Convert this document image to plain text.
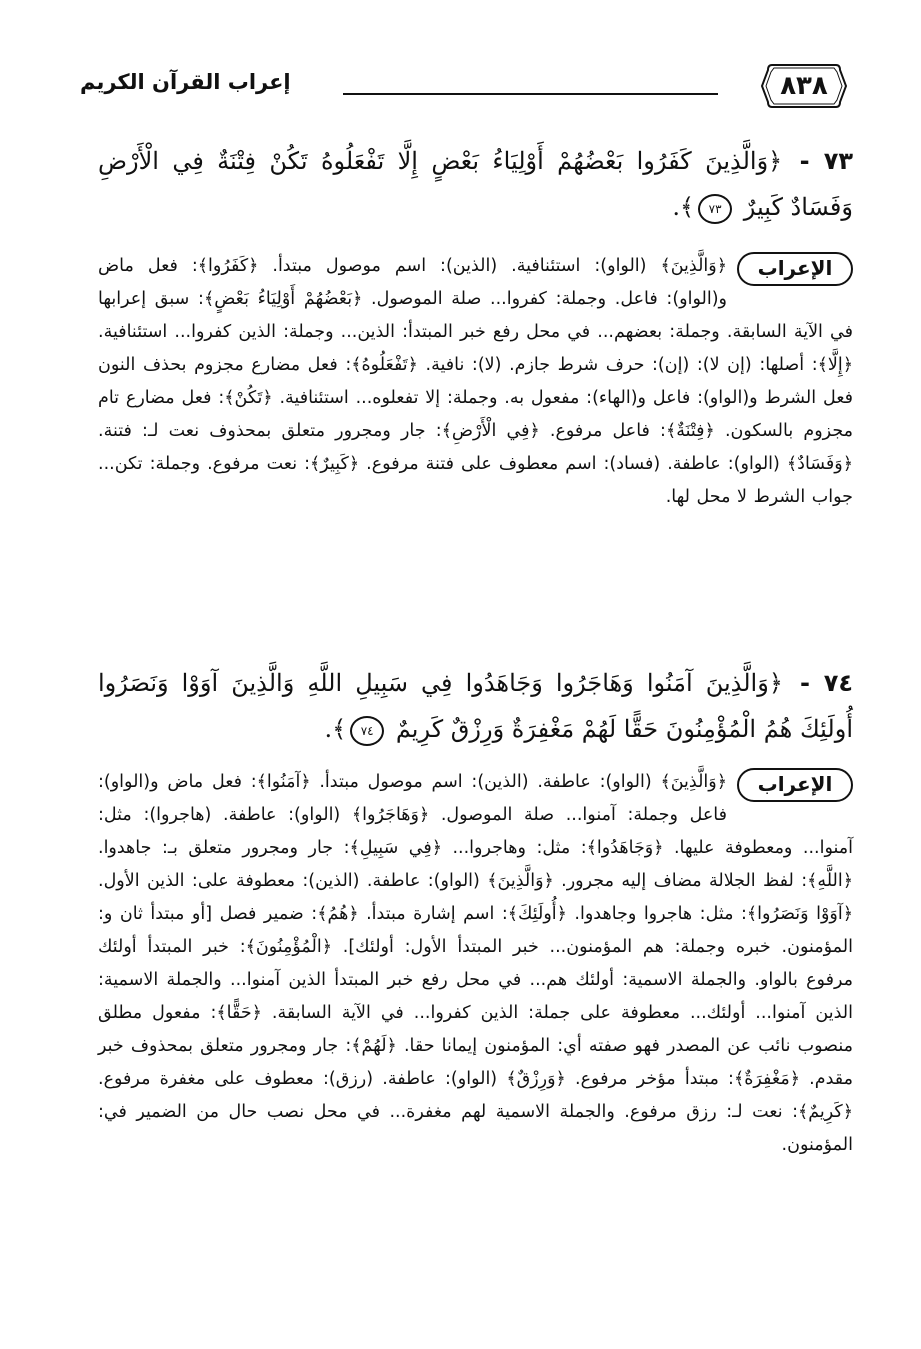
إعراب القرآن الكريم	٨٣٨
٧٣ - ﴿وَالَّذِينَ كَفَرُوا بَعْضُهُمْ أَوْلِيَاءُ بَعْضٍ إِلَّا تَفْعَلُوهُ تَكُنْ فِتْنَةٌ فِي الْأَرْضِ وَفَسَادٌ كَبِيرٌ ٧٣﴾.
الإعراب
﴿وَالَّذِينَ﴾ (الواو): استئنافية. (الذين): اسم موصول مبتدأ. ﴿كَفَرُوا﴾: فعل ماض و(الواو): فاعل. وجملة: كفروا... صلة الموصول. ﴿بَعْضُهُمْ أَوْلِيَاءُ بَعْضٍ﴾: سبق إعرابها في الآية السابقة. وجملة: بعضهم... في محل رفع خبر المبتدأ: الذين... وجملة: الذين كفروا... استئنافية. ﴿إِلَّا﴾: أصلها: (إن لا): (إن): حرف شرط جازم. (لا): نافية. ﴿تَفْعَلُوهُ﴾: فعل مضارع مجزوم بحذف النون فعل الشرط و(الواو): فاعل و(الهاء): مفعول به. وجملة: إلا تفعلوه... استئنافية. ﴿تَكُنْ﴾: فعل مضارع تام مجزوم بالسكون. ﴿فِتْنَةٌ﴾: فاعل مرفوع. ﴿فِي الْأَرْضِ﴾: جار ومجرور متعلق بمحذوف نعت لـ: فتنة. ﴿وَفَسَادٌ﴾ (الواو): عاطفة. (فساد): اسم معطوف على فتنة مرفوع. ﴿كَبِيرٌ﴾: نعت مرفوع. وجملة: تكن... جواب الشرط لا محل لها.
٧٤ - ﴿وَالَّذِينَ آمَنُوا وَهَاجَرُوا وَجَاهَدُوا فِي سَبِيلِ اللَّهِ وَالَّذِينَ آوَوْا وَنَصَرُوا أُولَئِكَ هُمُ الْمُؤْمِنُونَ حَقًّا لَهُمْ مَغْفِرَةٌ وَرِزْقٌ كَرِيمٌ ٧٤﴾.
الإعراب
﴿وَالَّذِينَ﴾ (الواو): عاطفة. (الذين): اسم موصول مبتدأ. ﴿آمَنُوا﴾: فعل ماض و(الواو): فاعل وجملة: آمنوا... صلة الموصول. ﴿وَهَاجَرُوا﴾ (الواو): عاطفة. (هاجروا): مثل: آمنوا... ومعطوفة عليها. ﴿وَجَاهَدُوا﴾: مثل: وهاجروا... ﴿فِي سَبِيلِ﴾: جار ومجرور متعلق بـ: جاهدوا. ﴿اللَّهِ﴾: لفظ الجلالة مضاف إليه مجرور. ﴿وَالَّذِينَ﴾ (الواو): عاطفة. (الذين): معطوفة على: الذين الأول. ﴿آوَوْا وَنَصَرُوا﴾: مثل: هاجروا وجاهدوا. ﴿أُولَئِكَ﴾: اسم إشارة مبتدأ. ﴿هُمُ﴾: ضمير فصل [أو مبتدأ ثان و: المؤمنون. خبره وجملة: هم المؤمنون... خبر المبتدأ الأول: أولئك]. ﴿الْمُؤْمِنُونَ﴾: خبر المبتدأ أولئك مرفوع بالواو. والجملة الاسمية: أولئك هم... في محل رفع خبر المبتدأ الذين آمنوا... والجملة الاسمية: الذين آمنوا... أولئك... معطوفة على جملة: الذين كفروا... في الآية السابقة. ﴿حَقًّا﴾: مفعول مطلق منصوب نائب عن المصدر فهو صفته أي: المؤمنون إيمانا حقا. ﴿لَهُمْ﴾: جار ومجرور متعلق بمحذوف خبر مقدم. ﴿مَغْفِرَةٌ﴾: مبتدأ مؤخر مرفوع. ﴿وَرِزْقٌ﴾ (الواو): عاطفة. (رزق): معطوف على مغفرة مرفوع. ﴿كَرِيمٌ﴾: نعت لـ: رزق مرفوع. والجملة الاسمية لهم مغفرة... في محل نصب حال من الضمير في: المؤمنون.
